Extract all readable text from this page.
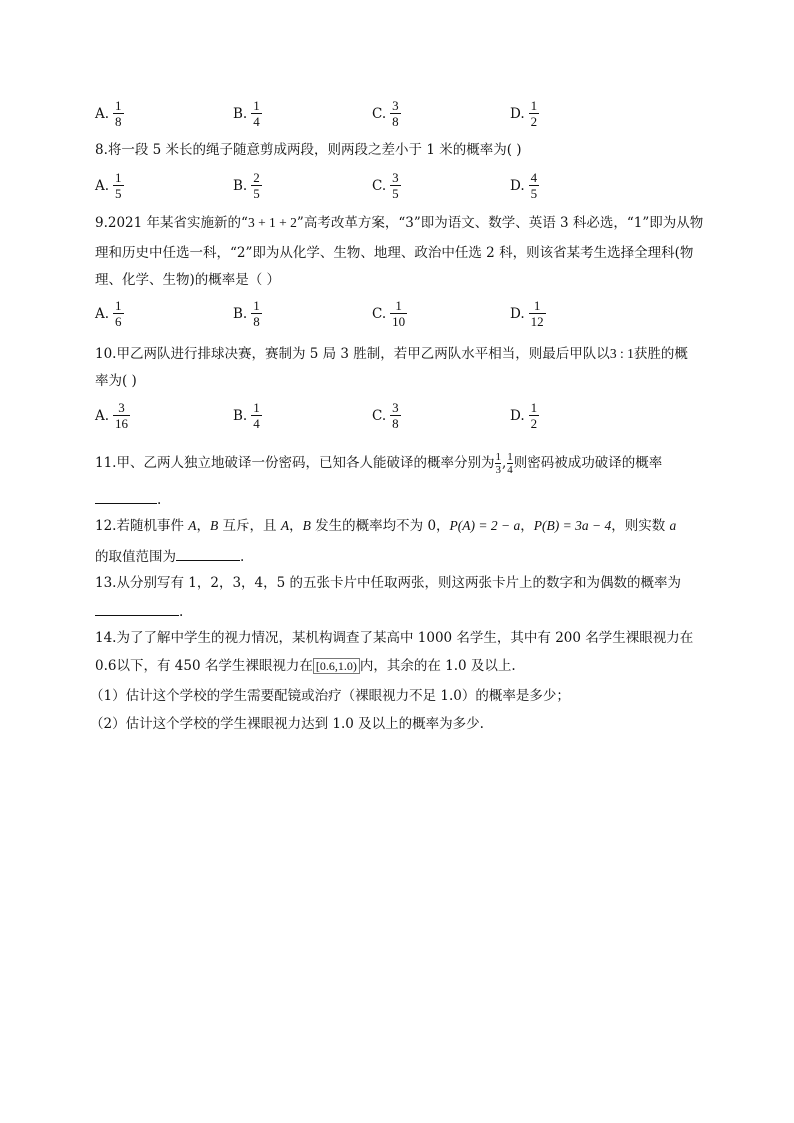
A. $\frac{1}{8}$	B. $\frac{1}{4}$	C. $\frac{3}{8}$	D. $\frac{1}{2}$
8.将一段 5 米长的绳子随意剪成两段，则两段之差小于 1 米的概率为( )
A. $\frac{1}{5}$	B. $\frac{2}{5}$	C. $\frac{3}{5}$	D. $\frac{4}{5}$
9.2021 年某省实施新的“3 + 1 + 2”高考改革方案，“3”即为语文、数学、英语 3 科必选，“1”即为从物
理和历史中任选一科，“2”即为从化学、生物、地理、政治中任选 2 科，则该省某考生选择全理科(物
理、化学、生物)的概率是（ ）
A. $\frac{1}{6}$	B. $\frac{1}{8}$	C. $\frac{1}{10}$	D. $\frac{1}{12}$
10.甲乙两队进行排球决赛，赛制为 5 局 3 胜制，若甲乙两队水平相当，则最后甲队以3 : 1获胜的概
率为( )
A. $\frac{3}{16}$	B. $\frac{1}{4}$	C. $\frac{3}{8}$	D. $\frac{1}{2}$
11.甲、乙两人独立地破译一份密码，已知各人能破译的概率分别为 $\frac{1}{3}$ , $\frac{1}{4}$ 则密码被成功破译的概率
.
12.若随机事件 A，B 互斥，且 A，B 发生的概率均不为 0，P(A) = 2 − a，P(B) = 3a − 4，则实数 a
的取值范围为	.
13.从分别写有 1，2，3，4，5 的五张卡片中任取两张，则这两张卡片上的数字和为偶数的概率为
.
14.为了了解中学生的视力情况，某机构调查了某高中 1000 名学生，其中有 200 名学生裸眼视力在
0.6以下，有 450 名学生裸眼视力在 [0.6,1.0) 内，其余的在 1.0 及以上.
（1）估计这个学校的学生需要配镜或治疗（裸眼视力不足 1.0）的概率是多少；
（2）估计这个学校的学生裸眼视力达到 1.0 及以上的概率为多少.
